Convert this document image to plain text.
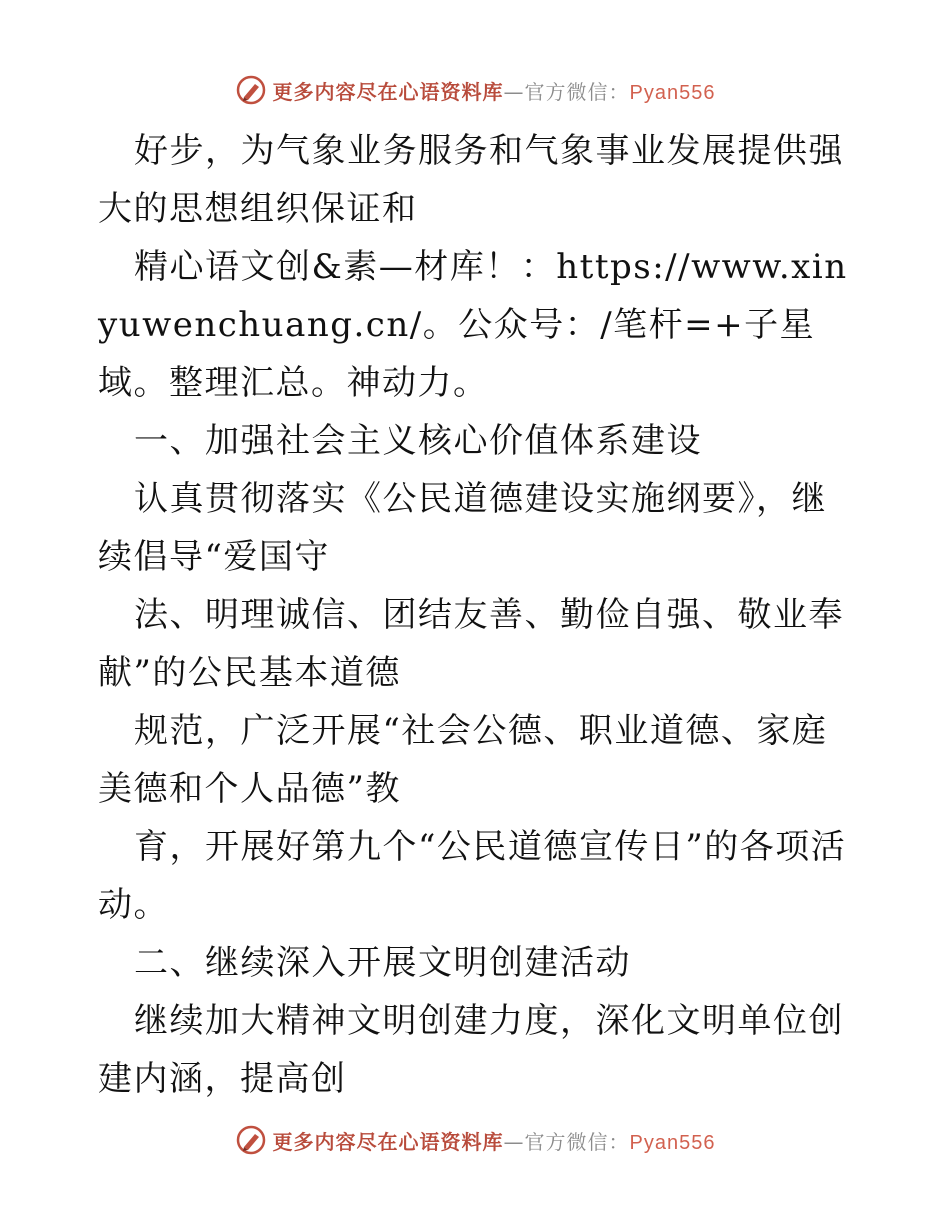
更多内容尽在心语资料库—官方微信：Pyan556

好步，为气象业务服务和气象事业发展提供强大的思想组织保证和

精心语文创&素—材库！：https://www.xinyuwenchuang.cn/。公众号：/笔杆=+子星域。整理汇总。神动力。

一、加强社会主义核心价值体系建设

认真贯彻落实《公民道德建设实施纲要》，继续倡导“爱国守

法、明理诚信、团结友善、勤俭自强、敬业奉献”的公民基本道德

规范，广泛开展“社会公德、职业道德、家庭美德和个人品德”教

育，开展好第九个“公民道德宣传日”的各项活动。

二、继续深入开展文明创建活动

继续加大精神文明创建力度，深化文明单位创建内涵，提高创

更多内容尽在心语资料库—官方微信：Pyan556
